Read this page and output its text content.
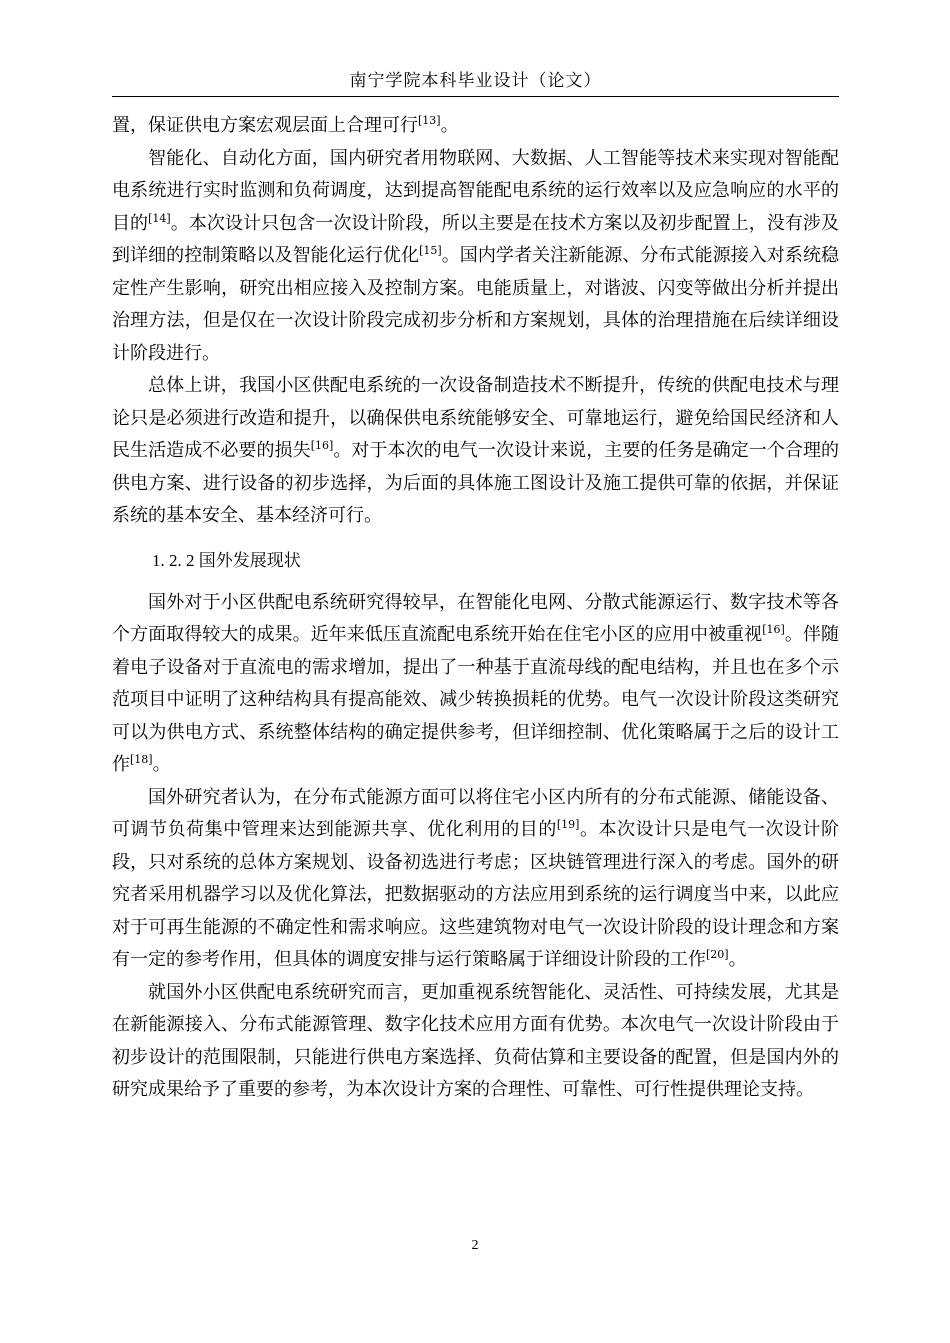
南宁学院本科毕业设计（论文）

置，保证供电方案宏观层面上合理可行[13]。

智能化、自动化方面，国内研究者用物联网、大数据、人工智能等技术来实现对智能配电系统进行实时监测和负荷调度，达到提高智能配电系统的运行效率以及应急响应的水平的目的[14]。本次设计只包含一次设计阶段，所以主要是在技术方案以及初步配置上，没有涉及到详细的控制策略以及智能化运行优化[15]。国内学者关注新能源、分布式能源接入对系统稳定性产生影响，研究出相应接入及控制方案。电能质量上，对谐波、闪变等做出分析并提出治理方法，但是仅在一次设计阶段完成初步分析和方案规划，具体的治理措施在后续详细设计阶段进行。

总体上讲，我国小区供配电系统的一次设备制造技术不断提升，传统的供配电技术与理论只是必须进行改造和提升，以确保供电系统能够安全、可靠地运行，避免给国民经济和人民生活造成不必要的损失[16]。对于本次的电气一次设计来说，主要的任务是确定一个合理的供电方案、进行设备的初步选择，为后面的具体施工图设计及施工提供可靠的依据，并保证系统的基本安全、基本经济可行。

1. 2. 2 国外发展现状

国外对于小区供配电系统研究得较早，在智能化电网、分散式能源运行、数字技术等各个方面取得较大的成果。近年来低压直流配电系统开始在住宅小区的应用中被重视[16]。伴随着电子设备对于直流电的需求增加，提出了一种基于直流母线的配电结构，并且也在多个示范项目中证明了这种结构具有提高能效、减少转换损耗的优势。电气一次设计阶段这类研究可以为供电方式、系统整体结构的确定提供参考，但详细控制、优化策略属于之后的设计工作[18]。

国外研究者认为，在分布式能源方面可以将住宅小区内所有的分布式能源、储能设备、可调节负荷集中管理来达到能源共享、优化利用的目的[19]。本次设计只是电气一次设计阶段，只对系统的总体方案规划、设备初选进行考虑；区块链管理进行深入的考虑。国外的研究者采用机器学习以及优化算法，把数据驱动的方法应用到系统的运行调度当中来，以此应对于可再生能源的不确定性和需求响应。这些建筑物对电气一次设计阶段的设计理念和方案有一定的参考作用，但具体的调度安排与运行策略属于详细设计阶段的工作[20]。

就国外小区供配电系统研究而言，更加重视系统智能化、灵活性、可持续发展，尤其是在新能源接入、分布式能源管理、数字化技术应用方面有优势。本次电气一次设计阶段由于初步设计的范围限制，只能进行供电方案选择、负荷估算和主要设备的配置，但是国内外的研究成果给予了重要的参考，为本次设计方案的合理性、可靠性、可行性提供理论支持。

2
